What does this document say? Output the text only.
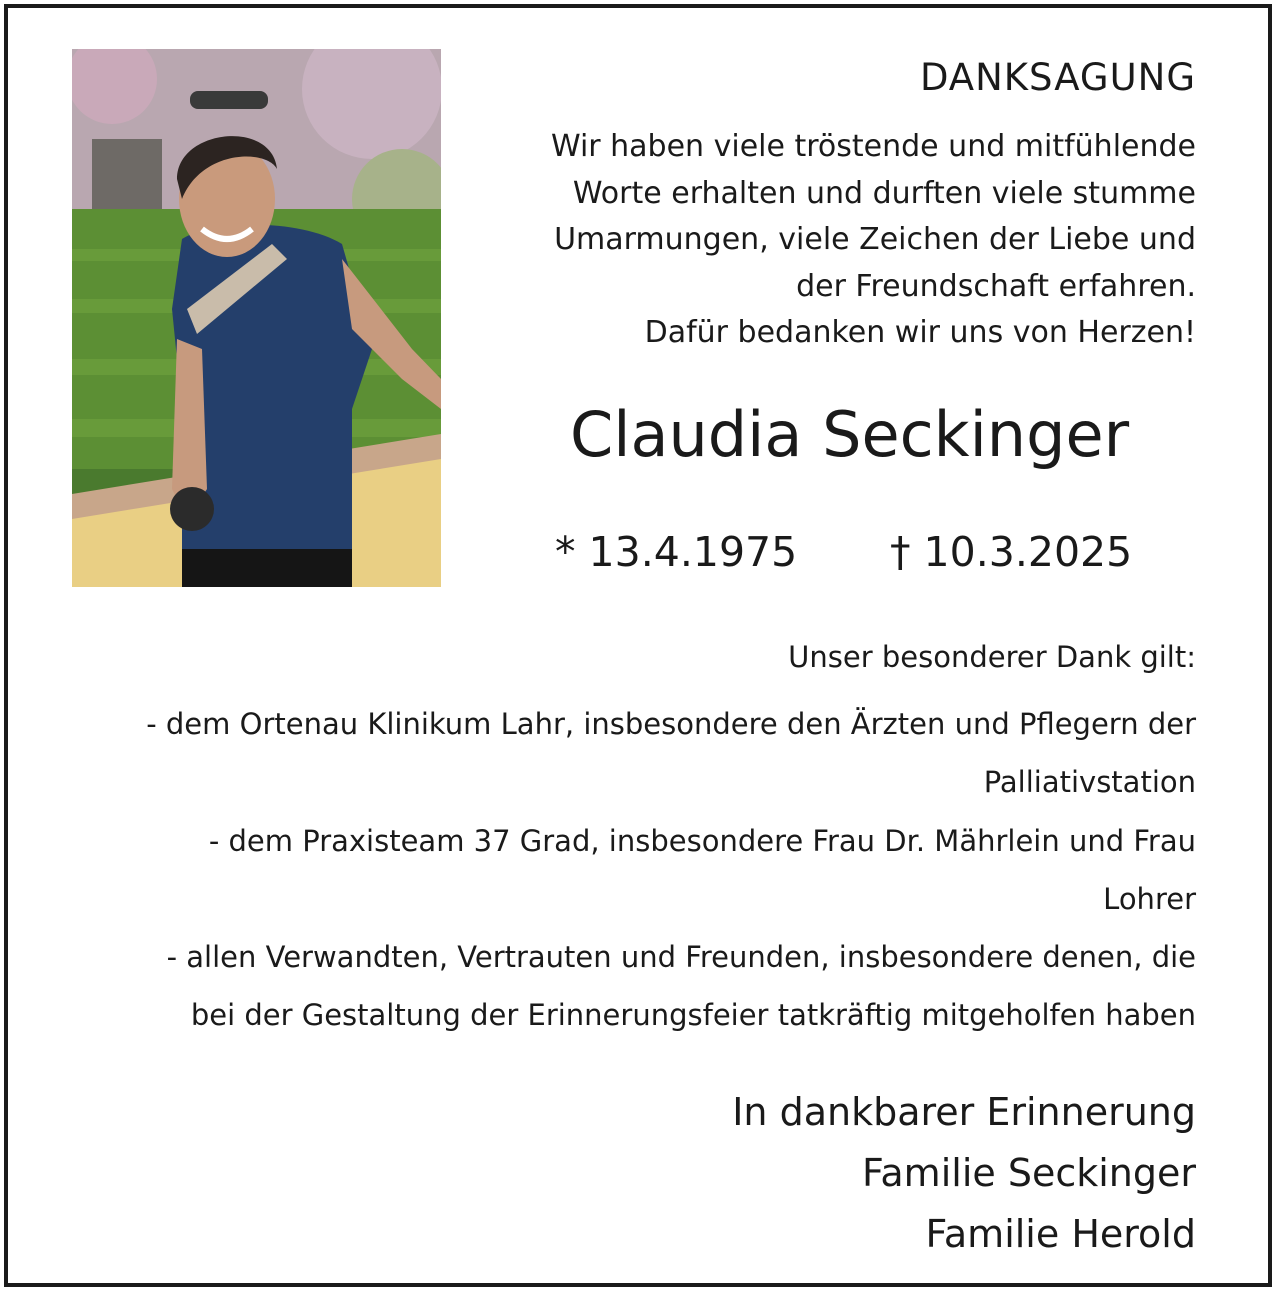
DANKSAGUNG
Wir haben viele tröstende und mitfühlende
Worte erhalten und durften viele stumme
Umarmungen, viele Zeichen der Liebe und
der Freundschaft erfahren.
Dafür bedanken wir uns von Herzen!
Claudia Seckinger
* 13.4.1975 † 10.3.2025
Unser besonderer Dank gilt:
- dem Ortenau Klinikum Lahr, insbesondere den Ärzten und Pflegern der
Palliativstation
- dem Praxisteam 37 Grad, insbesondere Frau Dr. Mährlein und Frau
Lohrer
- allen Verwandten, Vertrauten und Freunden, insbesondere denen, die
bei der Gestaltung der Erinnerungsfeier tatkräftig mitgeholfen haben
In dankbarer Erinnerung
Familie Seckinger
Familie Herold
